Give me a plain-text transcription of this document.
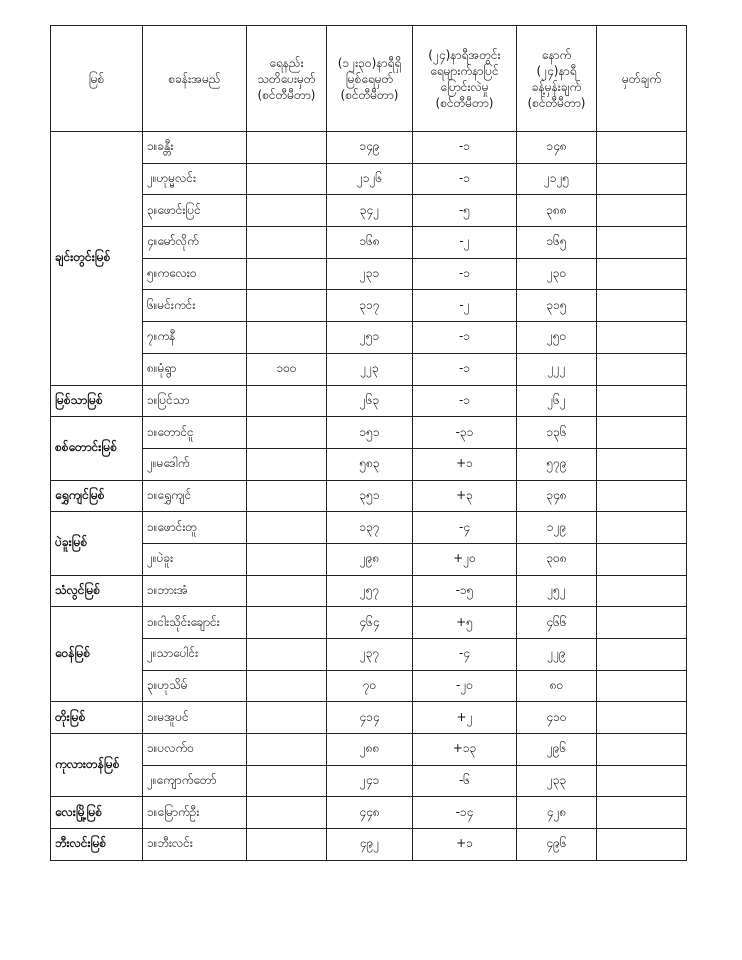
မြစ်	စခန်းအမည်	ရေနည်း
သတိပေးမှတ်
(စင်တီမီတာ)	(၁၂း၃၀)နာရီရှိ
မြစ်ရေမှတ်
(စင်တီမီတာ)	(၂၄)နာရီအတွင်း
ရေများက်နာပြင်
ပြောင်းလဲမှု
(စင်တီမီတာ)	နောက်
(၂၄)နာရီ
ခန့်မှန်းချက်
(စင်တီမီတာ)	မှတ်ချက်
ချင်းတွင်းမြစ်	၁။ခန္တီး		၁၄၉	-၁	၁၄၈	
	၂။ဟုမ္မလင်း		၂၁၂၆	-၁	၂၁၂၅	
	၃။ဖောင်းပြင်		၃၄၂	-၅	၃၈၈	
	၄။မော်လိုက်		၁၆၈	-၂	၁၆၅	
	၅။ကလေးဝ		၂၃၁	-၁	၂၃၀	
	၆။မင်းကင်း		၃၁၇	-၂	၃၁၅	
	၇။ကနီ		၂၅၁	-၁	၂၅၀	
	၈။မုံရွာ	၁၀၀	၂၂၃	-၁	၂၂၂	
မြစ်သာမြစ်	၁။ပြင်သာ		၂၆၃	-၁	၂၆၂	
စစ်တောင်းမြစ်	၁။တောင်ငူ		၁၅၁	-၃၁	၁၃၆	
	၂။မဒေါက်		၅၈၃	+၁	၅၇၉	
ရွှေကျင်မြစ်	၁။ရွှေကျင်		၃၅၁	+၃	၃၄၈	
ပဲခူးမြစ်	၁။ဖောင်းတူ		၁၃၇	-၄	၁၂၉	
	၂။ပဲခူး		၂၉၈	+၂၀	၃၀၈	
သံလွင်မြစ်	၁။ဘားအံ		၂၅၇	-၁၅	၂၅၂	
ဝေန်မြစ်	၁။ငါးသိုင်းချောင်း		၄၆၄	+၅	၄၆၆	
	၂။သာပေါင်း		၂၃၇	-၄	၂၂၉	
	၃။ဟုသိမ်		၇၀	-၂၀	၈၀	
တိုးမြစ်	၁။မအူပင်		၄၁၄	+၂	၄၁၀	
ကုလားတန်မြစ်	၁။ပလက်ဝ		၂၈၈	+၁၃	၂၉၆	
	၂။ကျောက်တော်		၂၄၁	-၆	၂၃၃	
လေးမြို့မြစ်	၁။မြောက်ဦး		၄၄၈	-၁၄	၄၂၈	
ဘီးလင်းမြစ်	၁။ဘီးလင်း		၄၉၂	+၁	၄၉၆	
